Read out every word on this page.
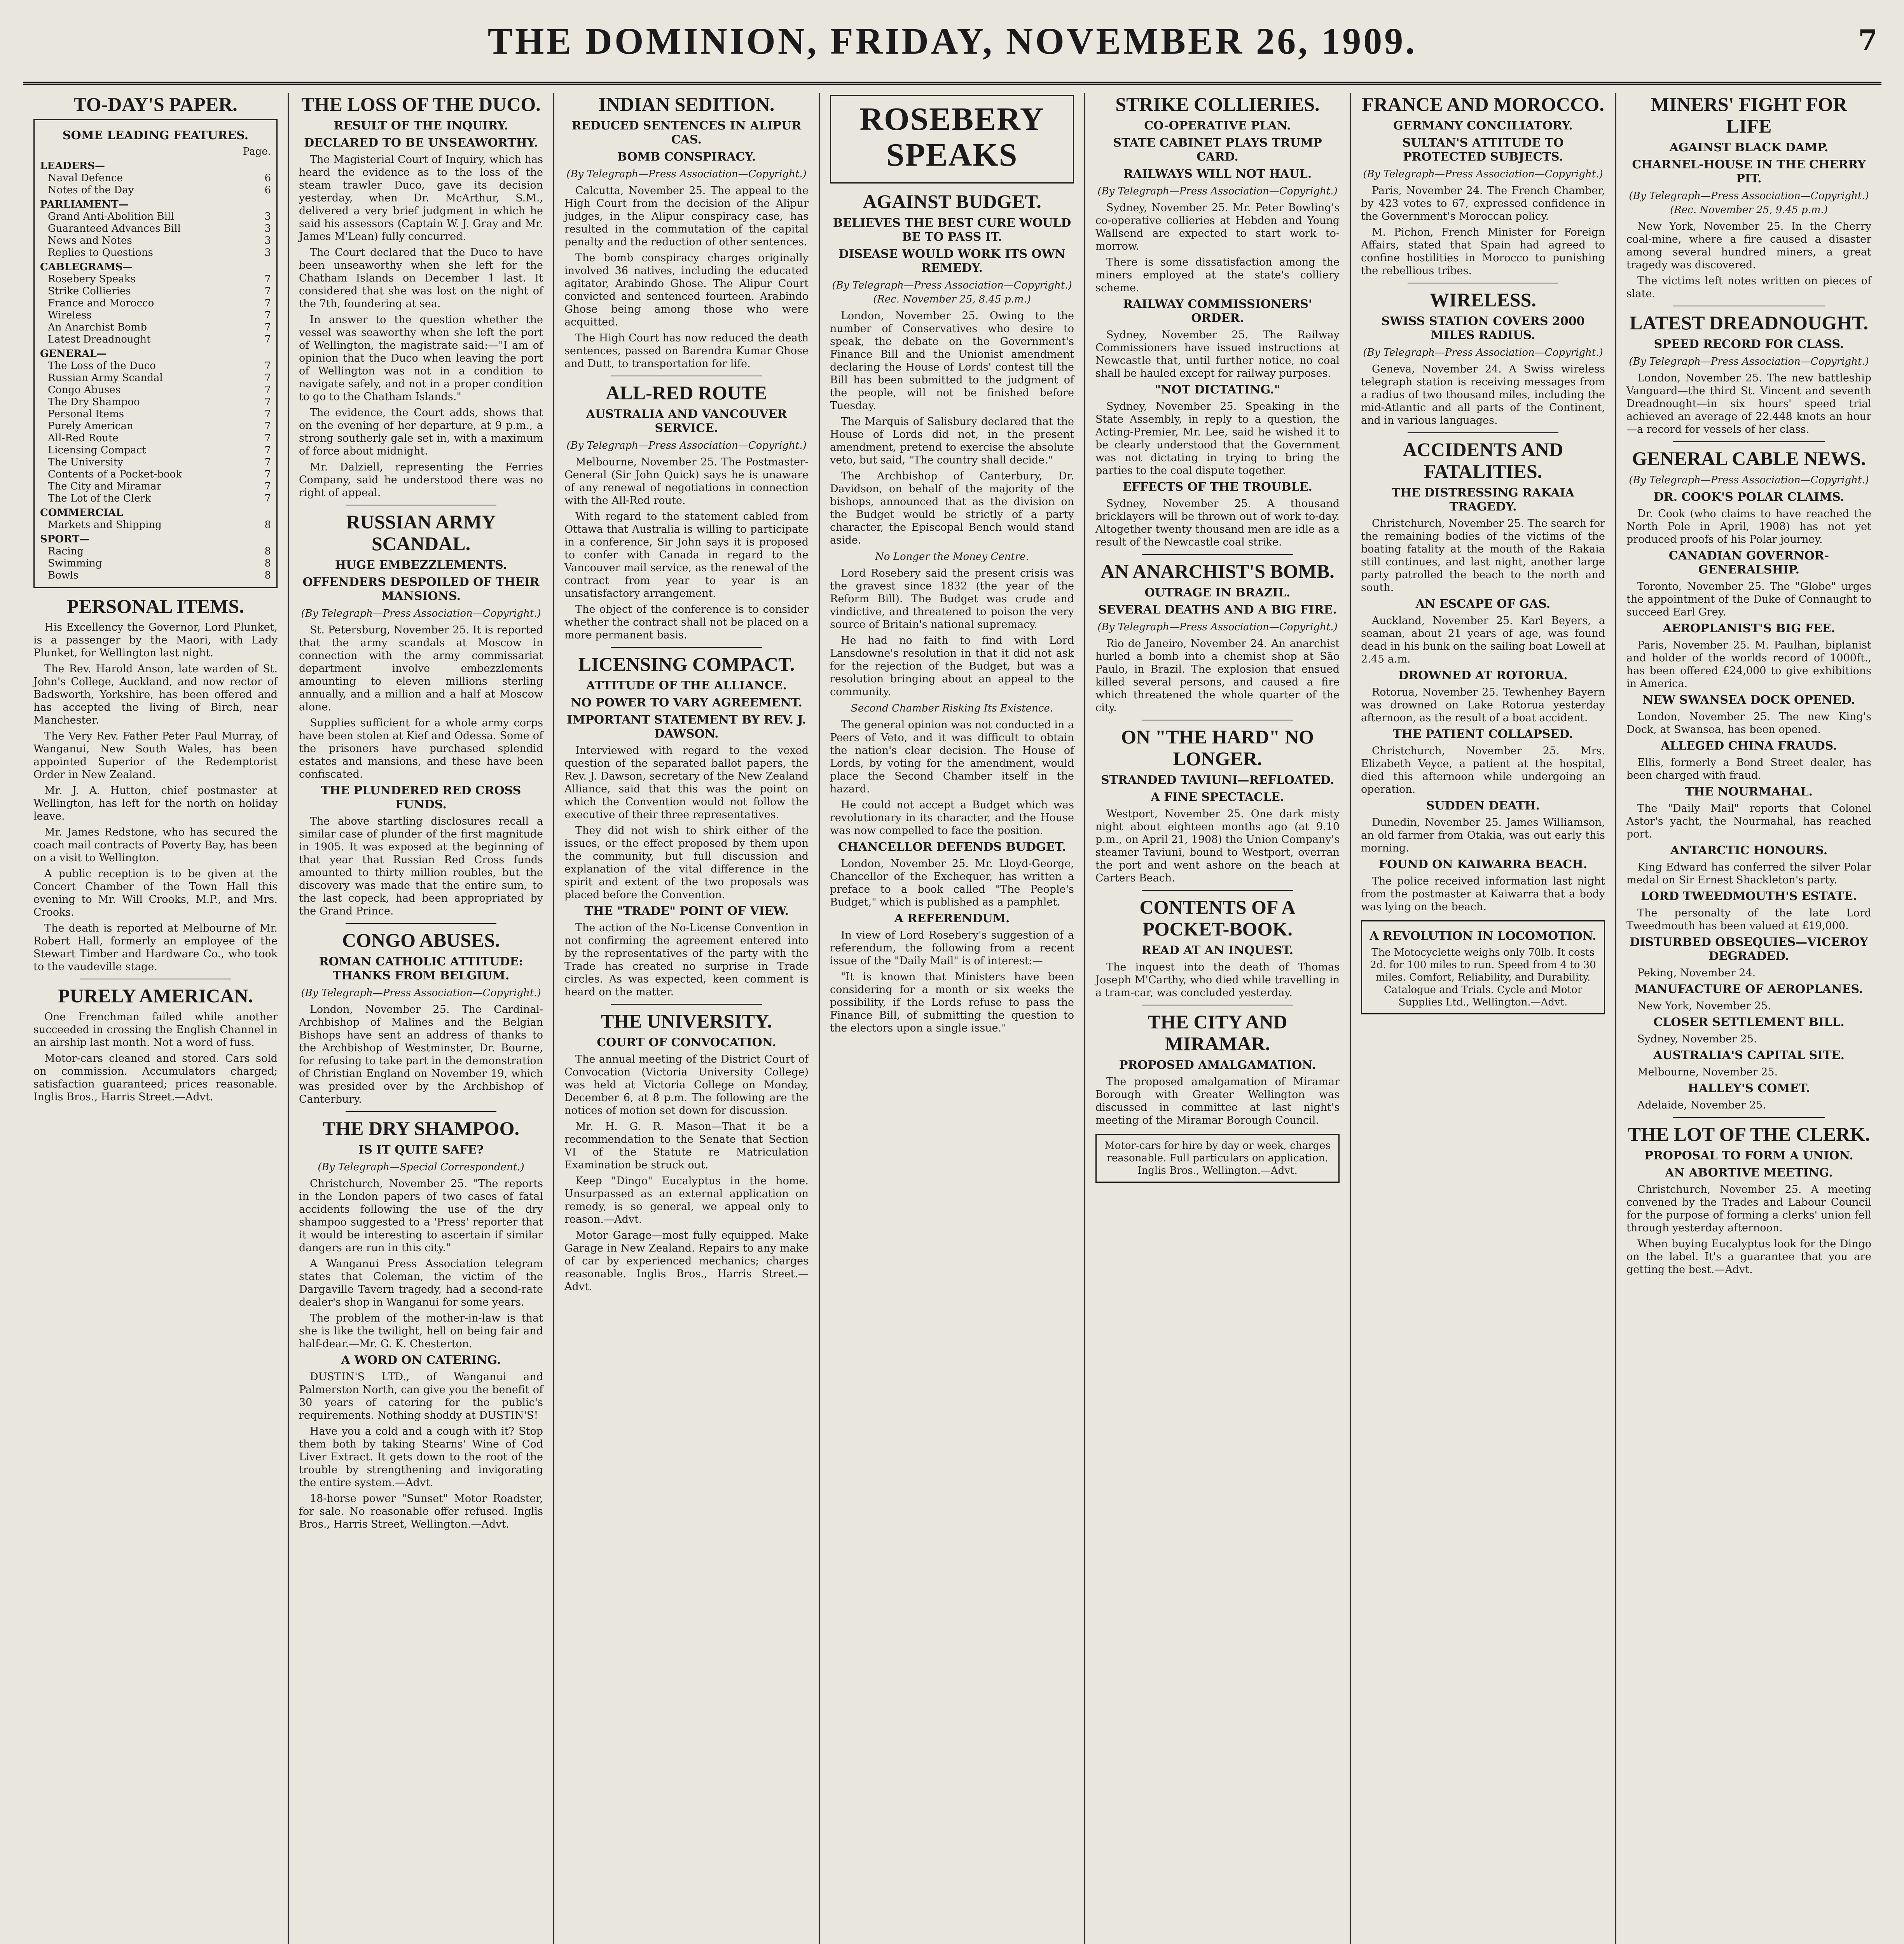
THE DOMINION, FRIDAY, NOVEMBER 26, 1909.	7
TO-DAY'S PAPER.
SOME LEADING FEATURES.
	Page.
LEADERS—	
Naval Defence	6
Notes of the Day	6
PARLIAMENT—	
Grand Anti-Abolition Bill	3
Guaranteed Advances Bill	3
News and Notes	3
Replies to Questions	3
CABLEGRAMS—	
Rosebery Speaks	7
Strike Collieries	7
France and Morocco	7
Wireless	7
An Anarchist Bomb	7
Latest Dreadnought	7
GENERAL—	
The Loss of the Duco	7
Russian Army Scandal	7
Congo Abuses	7
The Dry Shampoo	7
Personal Items	7
Purely American	7
All-Red Route	7
Licensing Compact	7
The University	7
Contents of a Pocket-book	7
The City and Miramar	7
The Lot of the Clerk	7
COMMERCIAL	
Markets and Shipping	8
SPORT—	
Racing	8
Swimming	8
Bowls	8
PERSONAL ITEMS.

His Excellency the Governor, Lord Plunket, is a passenger by the Maori, with Lady Plunket, for Wellington last night.

The Rev. Harold Anson, late warden of St. John's College, Auckland, and now rector of Badsworth, Yorkshire, has been offered and has accepted the living of Birch, near Manchester.

The Very Rev. Father Peter Paul Murray, of Wanganui, New South Wales, has been appointed Superior of the Redemptorist Order in New Zealand.

Mr. J. A. Hutton, chief postmaster at Wellington, has left for the north on holiday leave.

Mr. James Redstone, who has secured the coach mail contracts of Poverty Bay, has been on a visit to Wellington.

A public reception is to be given at the Concert Chamber of the Town Hall this evening to Mr. Will Crooks, M.P., and Mrs. Crooks.

The death is reported at Melbourne of Mr. Robert Hall, formerly an employee of the Stewart Timber and Hardware Co., who took to the vaudeville stage.

PURELY AMERICAN.

One Frenchman failed while another succeeded in crossing the English Channel in an airship last month. Not a word of fuss.

Motor-cars cleaned and stored. Cars sold on commission. Accumulators charged; satisfaction guaranteed; prices reasonable. Inglis Bros., Harris Street.—Advt.

THE LOSS OF THE DUCO.
RESULT OF THE INQUIRY.
DECLARED TO BE UNSEAWORTHY.

The Magisterial Court of Inquiry, which has heard the evidence as to the loss of the steam trawler Duco, gave its decision yesterday, when Dr. McArthur, S.M., delivered a very brief judgment in which he said his assessors (Captain W. J. Gray and Mr. James M'Lean) fully concurred.

The Court declared that the Duco to have been unseaworthy when she left for the Chatham Islands on December 1 last. It considered that she was lost on the night of the 7th, foundering at sea.

In answer to the question whether the vessel was seaworthy when she left the port of Wellington, the magistrate said:—"I am of opinion that the Duco when leaving the port of Wellington was not in a condition to navigate safely, and not in a proper condition to go to the Chatham Islands."

The evidence, the Court adds, shows that on the evening of her departure, at 9 p.m., a strong southerly gale set in, with a maximum of force about midnight.

Mr. Dalziell, representing the Ferries Company, said he understood there was no right of appeal.

RUSSIAN ARMY SCANDAL.
HUGE EMBEZZLEMENTS.
OFFENDERS DESPOILED OF THEIR MANSIONS.
(By Telegraph—Press Association—Copyright.)

St. Petersburg, November 25. It is reported that the army scandals at Moscow in connection with the army commissariat department involve embezzlements amounting to eleven millions sterling annually, and a million and a half at Moscow alone.

Supplies sufficient for a whole army corps have been stolen at Kief and Odessa. Some of the prisoners have purchased splendid estates and mansions, and these have been confiscated.

THE PLUNDERED RED CROSS FUNDS.

The above startling disclosures recall a similar case of plunder of the first magnitude in 1905. It was exposed at the beginning of that year that Russian Red Cross funds amounted to thirty million roubles, but the discovery was made that the entire sum, to the last copeck, had been appropriated by the Grand Prince.

CONGO ABUSES.
ROMAN CATHOLIC ATTITUDE: THANKS FROM BELGIUM.
(By Telegraph—Press Association—Copyright.)

London, November 25. The Cardinal-Archbishop of Malines and the Belgian Bishops have sent an address of thanks to the Archbishop of Westminster, Dr. Bourne, for refusing to take part in the demonstration of Christian England on November 19, which was presided over by the Archbishop of Canterbury.

THE DRY SHAMPOO.
IS IT QUITE SAFE?
(By Telegraph—Special Correspondent.)

Christchurch, November 25. "The reports in the London papers of two cases of fatal accidents following the use of the dry shampoo suggested to a 'Press' reporter that it would be interesting to ascertain if similar dangers are run in this city."

A Wanganui Press Association telegram states that Coleman, the victim of the Dargaville Tavern tragedy, had a second-rate dealer's shop in Wanganui for some years.

The problem of the mother-in-law is that she is like the twilight, hell on being fair and half-dear.—Mr. G. K. Chesterton.

A WORD ON CATERING.

DUSTIN'S LTD., of Wanganui and Palmerston North, can give you the benefit of 30 years of catering for the public's requirements. Nothing shoddy at DUSTIN'S!

Have you a cold and a cough with it? Stop them both by taking Stearns' Wine of Cod Liver Extract. It gets down to the root of the trouble by strengthening and invigorating the entire system.—Advt.

18-horse power "Sunset" Motor Roadster, for sale. No reasonable offer refused. Inglis Bros., Harris Street, Wellington.—Advt.

INDIAN SEDITION.
REDUCED SENTENCES IN ALIPUR CAS.
BOMB CONSPIRACY.
(By Telegraph—Press Association—Copyright.)

Calcutta, November 25. The appeal to the High Court from the decision of the Alipur judges, in the Alipur conspiracy case, has resulted in the commutation of the capital penalty and the reduction of other sentences.

The bomb conspiracy charges originally involved 36 natives, including the educated agitator, Arabindo Ghose. The Alipur Court convicted and sentenced fourteen. Arabindo Ghose being among those who were acquitted.

The High Court has now reduced the death sentences, passed on Barendra Kumar Ghose and Dutt, to transportation for life.

ALL-RED ROUTE
AUSTRALIA AND VANCOUVER SERVICE.
(By Telegraph—Press Association—Copyright.)

Melbourne, November 25. The Postmaster-General (Sir John Quick) says he is unaware of any renewal of negotiations in connection with the All-Red route.

With regard to the statement cabled from Ottawa that Australia is willing to participate in a conference, Sir John says it is proposed to confer with Canada in regard to the Vancouver mail service, as the renewal of the contract from year to year is an unsatisfactory arrangement.

The object of the conference is to consider whether the contract shall not be placed on a more permanent basis.

LICENSING COMPACT.
ATTITUDE OF THE ALLIANCE.
NO POWER TO VARY AGREEMENT.
IMPORTANT STATEMENT BY REV. J. DAWSON.

Interviewed with regard to the vexed question of the separated ballot papers, the Rev. J. Dawson, secretary of the New Zealand Alliance, said that this was the point on which the Convention would not follow the executive of their three representatives.

They did not wish to shirk either of the issues, or the effect proposed by them upon the community, but full discussion and explanation of the vital difference in the spirit and extent of the two proposals was placed before the Convention.

THE "TRADE" POINT OF VIEW.

The action of the No-License Convention in not confirming the agreement entered into by the representatives of the party with the Trade has created no surprise in Trade circles. As was expected, keen comment is heard on the matter.

THE UNIVERSITY.
COURT OF CONVOCATION.

The annual meeting of the District Court of Convocation (Victoria University College) was held at Victoria College on Monday, December 6, at 8 p.m. The following are the notices of motion set down for discussion.

Mr. H. G. R. Mason—That it be a recommendation to the Senate that Section VI of the Statute re Matriculation Examination be struck out.

Keep "Dingo" Eucalyptus in the home. Unsurpassed as an external application on remedy, is so general, we appeal only to reason.—Advt.

Motor Garage—most fully equipped. Make Garage in New Zealand. Repairs to any make of car by experienced mechanics; charges reasonable. Inglis Bros., Harris Street.—Advt.

ROSEBERY SPEAKS
AGAINST BUDGET.
BELIEVES THE BEST CURE WOULD BE TO PASS IT.
DISEASE WOULD WORK ITS OWN REMEDY.
(By Telegraph—Press Association—Copyright.) (Rec. November 25, 8.45 p.m.)

London, November 25. Owing to the number of Conservatives who desire to speak, the debate on the Government's Finance Bill and the Unionist amendment declaring the House of Lords' contest till the Bill has been submitted to the judgment of the people, will not be finished before Tuesday.

The Marquis of Salisbury declared that the House of Lords did not, in the present amendment, pretend to exercise the absolute veto, but said, "The country shall decide."

The Archbishop of Canterbury, Dr. Davidson, on behalf of the majority of the bishops, announced that as the division on the Budget would be strictly of a party character, the Episcopal Bench would stand aside.

No Longer the Money Centre.

Lord Rosebery said the present crisis was the gravest since 1832 (the year of the Reform Bill). The Budget was crude and vindictive, and threatened to poison the very source of Britain's national supremacy.

He had no faith to find with Lord Lansdowne's resolution in that it did not ask for the rejection of the Budget, but was a resolution bringing about an appeal to the community.

Second Chamber Risking Its Existence.

The general opinion was not conducted in a Peers of Veto, and it was difficult to obtain the nation's clear decision. The House of Lords, by voting for the amendment, would place the Second Chamber itself in the hazard.

He could not accept a Budget which was revolutionary in its character, and the House was now compelled to face the position.

CHANCELLOR DEFENDS BUDGET.

London, November 25. Mr. Lloyd-George, Chancellor of the Exchequer, has written a preface to a book called "The People's Budget," which is published as a pamphlet.

A REFERENDUM.

In view of Lord Rosebery's suggestion of a referendum, the following from a recent issue of the "Daily Mail" is of interest:—

"It is known that Ministers have been considering for a month or six weeks the possibility, if the Lords refuse to pass the Finance Bill, of submitting the question to the electors upon a single issue."

STRIKE COLLIERIES.
CO-OPERATIVE PLAN.
STATE CABINET PLAYS TRUMP CARD.
RAILWAYS WILL NOT HAUL.
(By Telegraph—Press Association—Copyright.)

Sydney, November 25. Mr. Peter Bowling's co-operative collieries at Hebden and Young Wallsend are expected to start work to-morrow.

There is some dissatisfaction among the miners employed at the state's colliery scheme.

RAILWAY COMMISSIONERS' ORDER.

Sydney, November 25. The Railway Commissioners have issued instructions at Newcastle that, until further notice, no coal shall be hauled except for railway purposes.

"NOT DICTATING."

Sydney, November 25. Speaking in the State Assembly, in reply to a question, the Acting-Premier, Mr. Lee, said he wished it to be clearly understood that the Government was not dictating in trying to bring the parties to the coal dispute together.

EFFECTS OF THE TROUBLE.

Sydney, November 25. A thousand bricklayers will be thrown out of work to-day. Altogether twenty thousand men are idle as a result of the Newcastle coal strike.

AN ANARCHIST'S BOMB.
OUTRAGE IN BRAZIL.
SEVERAL DEATHS AND A BIG FIRE.
(By Telegraph—Press Association—Copyright.)

Rio de Janeiro, November 24. An anarchist hurled a bomb into a chemist shop at São Paulo, in Brazil. The explosion that ensued killed several persons, and caused a fire which threatened the whole quarter of the city.

ON "THE HARD" NO LONGER.
STRANDED TAVIUNI—REFLOATED.
A FINE SPECTACLE.

Westport, November 25. One dark misty night about eighteen months ago (at 9.10 p.m., on April 21, 1908) the Union Company's steamer Taviuni, bound to Westport, overran the port and went ashore on the beach at Carters Beach.

CONTENTS OF A POCKET-BOOK.
READ AT AN INQUEST.

The inquest into the death of Thomas Joseph M'Carthy, who died while travelling in a tram-car, was concluded yesterday.

THE CITY AND MIRAMAR.
PROPOSED AMALGAMATION.

The proposed amalgamation of Miramar Borough with Greater Wellington was discussed in committee at last night's meeting of the Miramar Borough Council.

Motor-cars for hire by day or week, charges reasonable. Full particulars on application. Inglis Bros., Wellington.—Advt.
FRANCE AND MOROCCO.
GERMANY CONCILIATORY.
SULTAN'S ATTITUDE TO PROTECTED SUBJECTS.
(By Telegraph—Press Association—Copyright.)

Paris, November 24. The French Chamber, by 423 votes to 67, expressed confidence in the Government's Moroccan policy.

M. Pichon, French Minister for Foreign Affairs, stated that Spain had agreed to confine hostilities in Morocco to punishing the rebellious tribes.

WIRELESS.
SWISS STATION COVERS 2000 MILES RADIUS.
(By Telegraph—Press Association—Copyright.)

Geneva, November 24. A Swiss wireless telegraph station is receiving messages from a radius of two thousand miles, including the mid-Atlantic and all parts of the Continent, and in various languages.

ACCIDENTS AND FATALITIES.
THE DISTRESSING RAKAIA TRAGEDY.

Christchurch, November 25. The search for the remaining bodies of the victims of the boating fatality at the mouth of the Rakaia still continues, and last night, another large party patrolled the beach to the north and south.

AN ESCAPE OF GAS.

Auckland, November 25. Karl Beyers, a seaman, about 21 years of age, was found dead in his bunk on the sailing boat Lowell at 2.45 a.m.

DROWNED AT ROTORUA.

Rotorua, November 25. Tewhenhey Bayern was drowned on Lake Rotorua yesterday afternoon, as the result of a boat accident.

THE PATIENT COLLAPSED.

Christchurch, November 25. Mrs. Elizabeth Veyce, a patient at the hospital, died this afternoon while undergoing an operation.

SUDDEN DEATH.

Dunedin, November 25. James Williamson, an old farmer from Otakia, was out early this morning.

FOUND ON KAIWARRA BEACH.

The police received information last night from the postmaster at Kaiwarra that a body was lying on the beach.

A REVOLUTION IN LOCOMOTION.
The Motocyclette weighs only 70lb. It costs 2d. for 100 miles to run. Speed from 4 to 30 miles. Comfort, Reliability, and Durability. Catalogue and Trials. Cycle and Motor Supplies Ltd., Wellington.—Advt.
MINERS' FIGHT FOR LIFE
AGAINST BLACK DAMP.
CHARNEL-HOUSE IN THE CHERRY PIT.
(By Telegraph—Press Association—Copyright.) (Rec. November 25, 9.45 p.m.)

New York, November 25. In the Cherry coal-mine, where a fire caused a disaster among several hundred miners, a great tragedy was discovered.

The victims left notes written on pieces of slate.

LATEST DREADNOUGHT.
SPEED RECORD FOR CLASS.
(By Telegraph—Press Association—Copyright.)

London, November 25. The new battleship Vanguard—the third St. Vincent and seventh Dreadnought—in six hours' speed trial achieved an average of 22.448 knots an hour—a record for vessels of her class.

GENERAL CABLE NEWS.
(By Telegraph—Press Association—Copyright.)
DR. COOK'S POLAR CLAIMS.

Dr. Cook (who claims to have reached the North Pole in April, 1908) has not yet produced proofs of his Polar journey.

CANADIAN GOVERNOR-GENERALSHIP.

Toronto, November 25. The "Globe" urges the appointment of the Duke of Connaught to succeed Earl Grey.

AEROPLANIST'S BIG FEE.

Paris, November 25. M. Paulhan, biplanist and holder of the worlds record of 1000ft., has been offered £24,000 to give exhibitions in America.

NEW SWANSEA DOCK OPENED.

London, November 25. The new King's Dock, at Swansea, has been opened.

ALLEGED CHINA FRAUDS.

Ellis, formerly a Bond Street dealer, has been charged with fraud.

THE NOURMAHAL.

The "Daily Mail" reports that Colonel Astor's yacht, the Nourmahal, has reached port.

ANTARCTIC HONOURS.

King Edward has conferred the silver Polar medal on Sir Ernest Shackleton's party.

LORD TWEEDMOUTH'S ESTATE.

The personalty of the late Lord Tweedmouth has been valued at £19,000.

DISTURBED OBSEQUIES—VICEROY DEGRADED.

Peking, November 24.

MANUFACTURE OF AEROPLANES.

New York, November 25.

CLOSER SETTLEMENT BILL.

Sydney, November 25.

AUSTRALIA'S CAPITAL SITE.

Melbourne, November 25.

HALLEY'S COMET.

Adelaide, November 25.

THE LOT OF THE CLERK.
PROPOSAL TO FORM A UNION.
AN ABORTIVE MEETING.

Christchurch, November 25. A meeting convened by the Trades and Labour Council for the purpose of forming a clerks' union fell through yesterday afternoon.

When buying Eucalyptus look for the Dingo on the label. It's a guarantee that you are getting the best.—Advt.
